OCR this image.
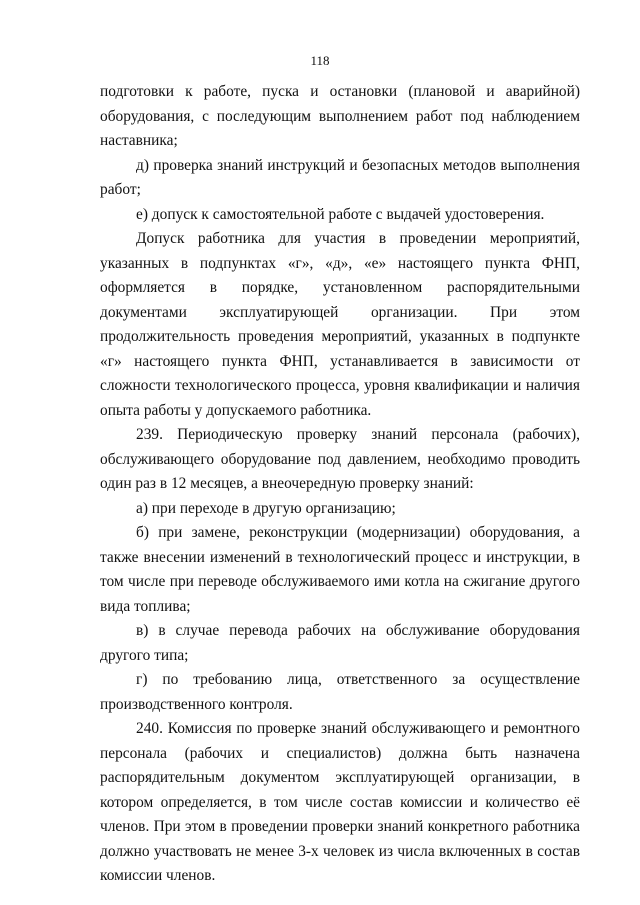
118

подготовки к работе, пуска и остановки (плановой и аварийной) оборудования, с последующим выполнением работ под наблюдением наставника;

д) проверка знаний инструкций и безопасных методов выполнения работ;

е) допуск к самостоятельной работе с выдачей удостоверения.

Допуск работника для участия в проведении мероприятий, указанных в подпунктах «г», «д», «е» настоящего пункта ФНП, оформляется в порядке, установленном распорядительными документами эксплуатирующей организации. При этом продолжительность проведения мероприятий, указанных в подпункте «г» настоящего пункта ФНП, устанавливается в зависимости от сложности технологического процесса, уровня квалификации и наличия опыта работы у допускаемого работника.

239. Периодическую проверку знаний персонала (рабочих), обслуживающего оборудование под давлением, необходимо проводить один раз в 12 месяцев, а внеочередную проверку знаний:

а) при переходе в другую организацию;

б) при замене, реконструкции (модернизации) оборудования, а также внесении изменений в технологический процесс и инструкции, в том числе при переводе обслуживаемого ими котла на сжигание другого вида топлива;

в) в случае перевода рабочих на обслуживание оборудования другого типа;

г) по требованию лица, ответственного за осуществление производственного контроля.

240. Комиссия по проверке знаний обслуживающего и ремонтного персонала (рабочих и специалистов) должна быть назначена распорядительным документом эксплуатирующей организации, в котором определяется, в том числе состав комиссии и количество её членов. При этом в проведении проверки знаний конкретного работника должно участвовать не менее 3-х человек из числа включенных в состав комиссии членов.
